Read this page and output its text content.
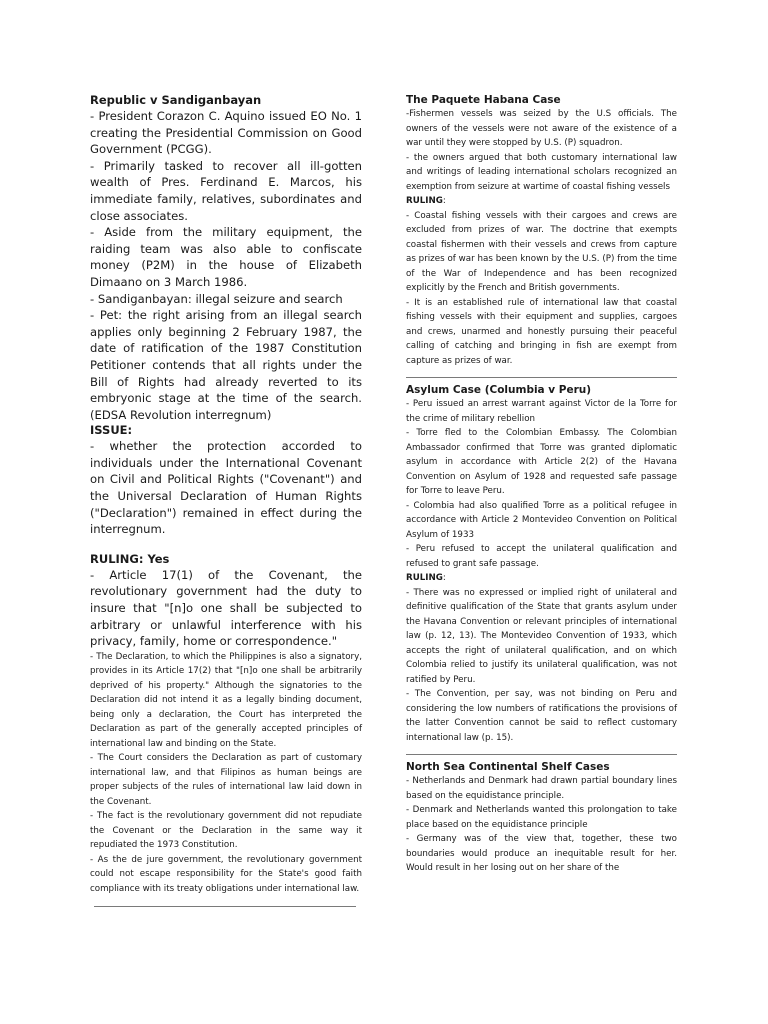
Republic v Sandiganbayan

- President Corazon C. Aquino issued EO No. 1 creating the Presidential Commission on Good Government (PCGG).

- Primarily tasked to recover all ill-gotten wealth of Pres. Ferdinand E. Marcos, his immediate family, relatives, subordinates and close associates.

- Aside from the military equipment, the raiding team was also able to confiscate money (P2M) in the house of Elizabeth Dimaano on 3 March 1986.

- Sandiganbayan: illegal seizure and search

- Pet: the right arising from an illegal search applies only beginning 2 February 1987, the date of ratification of the 1987 Constitution Petitioner contends that all rights under the Bill of Rights had already reverted to its embryonic stage at the time of the search. (EDSA Revolution interregnum)

ISSUE:

- whether the protection accorded to individuals under the International Covenant on Civil and Political Rights ("Covenant") and the Universal Declaration of Human Rights ("Declaration") remained in effect during the interregnum.

RULING: Yes

- Article 17(1) of the Covenant, the revolutionary government had the duty to insure that "[n]o one shall be subjected to arbitrary or unlawful interference with his privacy, family, home or correspondence."

- The Declaration, to which the Philippines is also a signatory, provides in its Article 17(2) that "[n]o one shall be arbitrarily deprived of his property." Although the signatories to the Declaration did not intend it as a legally binding document, being only a declaration, the Court has interpreted the Declaration as part of the generally accepted principles of international law and binding on the State.

- The Court considers the Declaration as part of customary international law, and that Filipinos as human beings are proper subjects of the rules of international law laid down in the Covenant.

- The fact is the revolutionary government did not repudiate the Covenant or the Declaration in the same way it repudiated the 1973 Constitution.

- As the de jure government, the revolutionary government could not escape responsibility for the State's good faith compliance with its treaty obligations under international law.

The Paquete Habana Case

-Fishermen vessels was seized by the U.S officials. The owners of the vessels were not aware of the existence of a war until they were stopped by U.S. (P) squadron.

- the owners argued that both customary international law and writings of leading international scholars recognized an exemption from seizure at wartime of coastal fishing vessels

RULING:

- Coastal fishing vessels with their cargoes and crews are excluded from prizes of war. The doctrine that exempts coastal fishermen with their vessels and crews from capture as prizes of war has been known by the U.S. (P) from the time of the War of Independence and has been recognized explicitly by the French and British governments.

- It is an established rule of international law that coastal fishing vessels with their equipment and supplies, cargoes and crews, unarmed and honestly pursuing their peaceful calling of catching and bringing in fish are exempt from capture as prizes of war.

Asylum Case (Columbia v Peru)

- Peru issued an arrest warrant against Victor de la Torre for the crime of military rebellion

- Torre fled to the Colombian Embassy. The Colombian Ambassador confirmed that Torre was granted diplomatic asylum in accordance with Article 2(2) of the Havana Convention on Asylum of 1928 and requested safe passage for Torre to leave Peru.

- Colombia had also qualified Torre as a political refugee in accordance with Article 2 Montevideo Convention on Political Asylum of 1933

- Peru refused to accept the unilateral qualification and refused to grant safe passage.

RULING:

- There was no expressed or implied right of unilateral and definitive qualification of the State that grants asylum under the Havana Convention or relevant principles of international law (p. 12, 13). The Montevideo Convention of 1933, which accepts the right of unilateral qualification, and on which Colombia relied to justify its unilateral qualification, was not ratified by Peru.

- The Convention, per say, was not binding on Peru and considering the low numbers of ratifications the provisions of the latter Convention cannot be said to reflect customary international law (p. 15).

North Sea Continental Shelf Cases

- Netherlands and Denmark had drawn partial boundary lines based on the equidistance principle.

- Denmark and Netherlands wanted this prolongation to take place based on the equidistance principle

- Germany was of the view that, together, these two boundaries would produce an inequitable result for her. Would result in her losing out on her share of the
